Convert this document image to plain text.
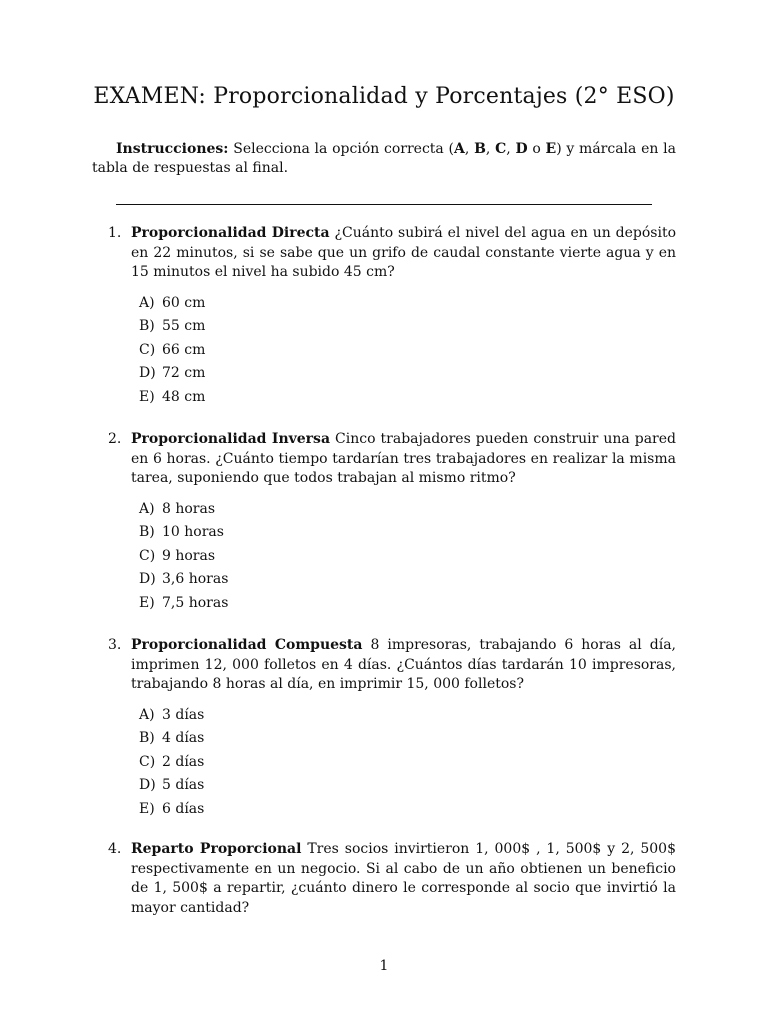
EXAMEN: Proporcionalidad y Porcentajes (2° ESO)
Instrucciones: Selecciona la opción correcta (A, B, C, D o E) y márcala en la tabla de respuestas al final.
1. Proporcionalidad Directa ¿Cuánto subirá el nivel del agua en un depósito en 22 minutos, si se sabe que un grifo de caudal constante vierte agua y en 15 minutos el nivel ha subido 45 cm?
A) 60 cm
B) 55 cm
C) 66 cm
D) 72 cm
E) 48 cm
2. Proporcionalidad Inversa Cinco trabajadores pueden construir una pared en 6 horas. ¿Cuánto tiempo tardarían tres trabajadores en realizar la misma tarea, suponiendo que todos trabajan al mismo ritmo?
A) 8 horas
B) 10 horas
C) 9 horas
D) 3,6 horas
E) 7,5 horas
3. Proporcionalidad Compuesta 8 impresoras, trabajando 6 horas al día, imprimen 12, 000 folletos en 4 días. ¿Cuántos días tardarán 10 impresoras, trabajando 8 horas al día, en imprimir 15, 000 folletos?
A) 3 días
B) 4 días
C) 2 días
D) 5 días
E) 6 días
4. Reparto Proporcional Tres socios invirtieron 1, 000$ , 1, 500$ y 2, 500$ respectivamente en un negocio. Si al cabo de un año obtienen un beneficio de 1, 500$ a repartir, ¿cuánto dinero le corresponde al socio que invirtió la mayor cantidad?
1
